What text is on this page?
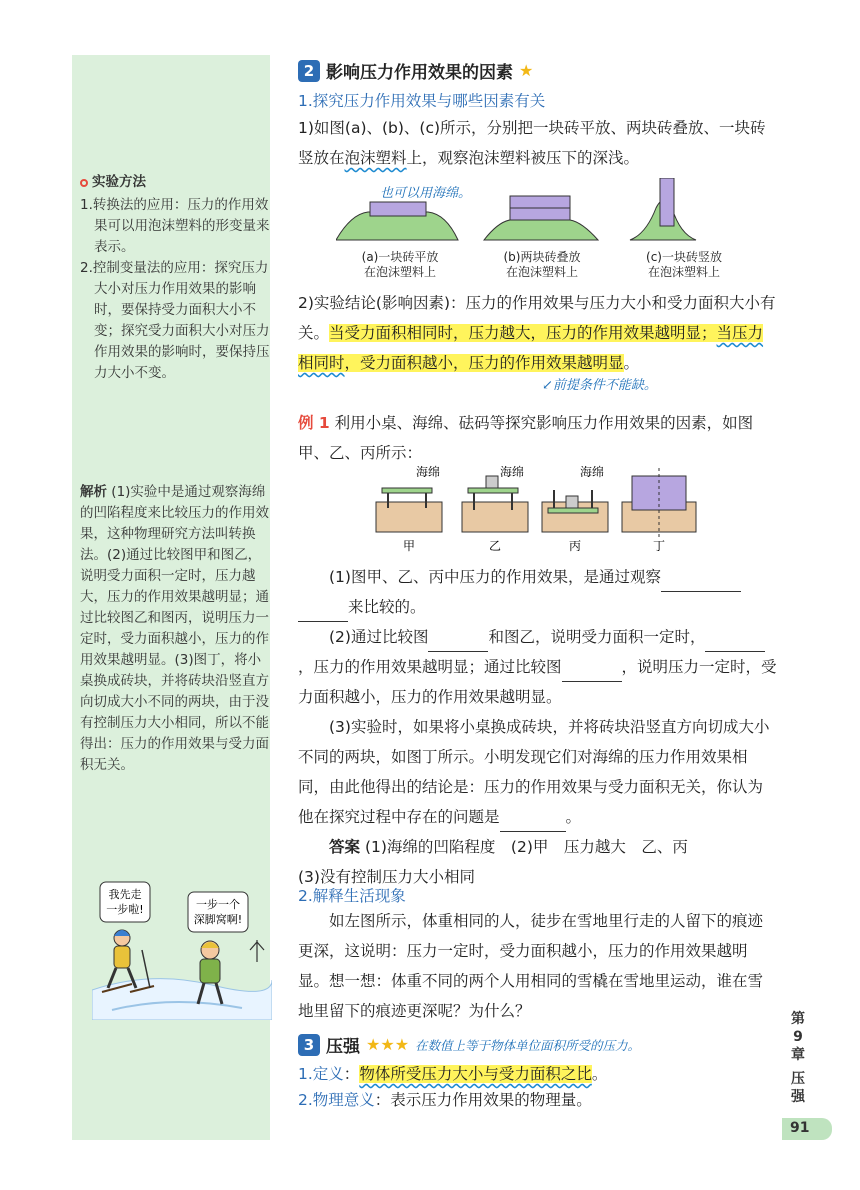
实验方法
1.转换法的应用：压力的作用效果可以用泡沫塑料的形变量来表示。
2.控制变量法的应用：探究压力大小对压力作用效果的影响时，要保持受力面积大小不变；探究受力面积大小对压力作用效果的影响时，要保持压力大小不变。
解析 (1)实验中是通过观察海绵的凹陷程度来比较压力的作用效果，这种物理研究方法叫转换法。(2)通过比较图甲和图乙，说明受力面积一定时，压力越大，压力的作用效果越明显；通过比较图乙和图丙，说明压力一定时，受力面积越小，压力的作用效果越明显。(3)图丁，将小桌换成砖块，并将砖块沿竖直方向切成大小不同的两块，由于没有控制压力大小相同，所以不能得出：压力的作用效果与受力面积无关。
我先走
一步啦!	一步一个
深脚窝啊!
2 影响压力作用效果的因素 ★
1.探究压力作用效果与哪些因素有关

1)如图(a)、(b)、(c)所示，分别把一块砖平放、两块砖叠放、一块砖竖放在泡沫塑料上，观察泡沫塑料被压下的深浅。

也可以用海绵。
(a)一块砖平放
在泡沫塑料上
(b)两块砖叠放
在泡沫塑料上
(c)一块砖竖放
在泡沫塑料上

2)实验结论(影响因素)：压力的作用效果与压力大小和受力面积大小有关。当受力面积相同时，压力越大，压力的作用效果越明显；当压力相同时，受力面积越小，压力的作用效果越明显。

↙前提条件不能缺。

例 1 利用小桌、海绵、砝码等探究影响压力作用效果的因素，如图甲、乙、丙所示：

海绵	海绵	海绵
甲	乙	丙	丁

(1)图甲、乙、丙中压力的作用效果，是通过观察来比较的。

(2)通过比较图	和图乙，说明受力面积一定时，，压力的作用效果越明显；通过比较图	，说明压力一定时，受力面积越小，压力的作用效果越明显。

(3)实验时，如果将小桌换成砖块，并将砖块沿竖直方向切成大小不同的两块，如图丁所示。小明发现它们对海绵的压力作用效果相同，由此他得出的结论是：压力的作用效果与受力面积无关，你认为他在探究过程中存在的问题是	。

答案 (1)海绵的凹陷程度　(2)甲　压力越大　乙、丙
(3)没有控制压力大小相同

2.解释生活现象

如左图所示，体重相同的人，徒步在雪地里行走的人留下的痕迹更深，这说明：压力一定时，受力面积越小，压力的作用效果越明显。想一想：体重不同的两个人用相同的雪橇在雪地里运动，谁在雪地里留下的痕迹更深呢？为什么？

3 压强 ★★★ 在数值上等于物体单位面积所受的压力。
1.定义：物体所受压力大小与受力面积之比。
2.物理意义：表示压力作用效果的物理量。
第9章
压强
91
